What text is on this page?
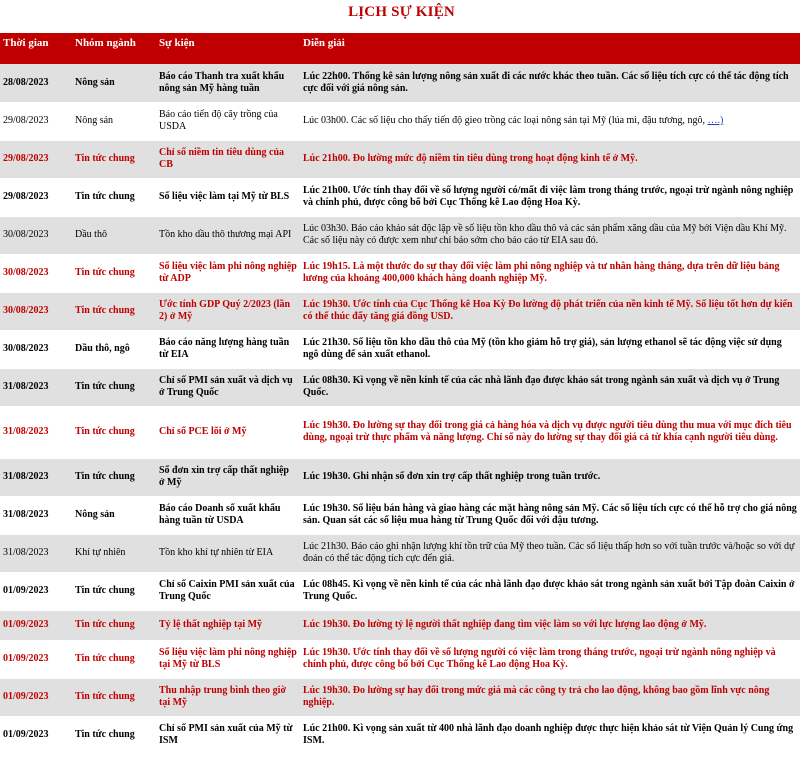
LỊCH SỰ KIỆN
Thời gian	Nhóm ngành	Sự kiện	Diễn giải
28/08/2023	Nông sản	Báo cáo Thanh tra xuất khẩu nông sản Mỹ hàng tuần	Lúc 22h00. Thống kê sản lượng nông sản xuất đi các nước khác theo tuần. Các số liệu tích cực có thể tác động tích cực đối với giá nông sản.
29/08/2023	Nông sản	Báo cáo tiến độ cây trồng của USDA	Lúc 03h00. Các số liệu cho thấy tiến độ gieo trồng các loại nông sản tại Mỹ (lúa mì, đậu tương, ngô, ….)
29/08/2023	Tin tức chung	Chỉ số niềm tin tiêu dùng của CB	Lúc 21h00. Đo lường mức độ niềm tin tiêu dùng trong hoạt động kinh tế ở Mỹ.
29/08/2023	Tin tức chung	Số liệu việc làm tại Mỹ từ BLS	Lúc 21h00. Ước tính thay đổi về số lượng người có/mất đi việc làm trong tháng trước, ngoại trừ ngành nông nghiệp và chính phủ, được công bố bởi Cục Thống kê Lao động Hoa Kỳ.
30/08/2023	Dầu thô	Tồn kho dầu thô thương mại API	Lúc 03h30. Báo cáo khảo sát độc lập về số liệu tồn kho dầu thô và các sản phẩm xăng dầu của Mỹ bởi Viện dầu Khí Mỹ. Các số liệu này có được xem như chỉ báo sớm cho báo cáo từ EIA sau đó.
30/08/2023	Tin tức chung	Số liệu việc làm phi nông nghiệp từ ADP	Lúc 19h15. Là một thước đo sự thay đổi việc làm phi nông nghiệp và tư nhân hàng tháng, dựa trên dữ liệu bảng lương của khoảng 400,000 khách hàng doanh nghiệp Mỹ.
30/08/2023	Tin tức chung	Ước tính GDP Quý 2/2023 (lần 2) ở Mỹ	Lúc 19h30. Ước tính của Cục Thống kê Hoa Kỳ Đo lường độ phát triển của nền kinh tế Mỹ. Số liệu tốt hơn dự kiến có thể thúc đẩy tăng giá đồng USD.
30/08/2023	Dầu thô, ngô	Báo cáo năng lượng hàng tuần từ EIA	Lúc 21h30. Số liệu tồn kho dầu thô của Mỹ (tồn kho giảm hỗ trợ giá), sản lượng ethanol sẽ tác động việc sử dụng ngô dùng để sản xuất ethanol.
31/08/2023	Tin tức chung	Chỉ số PMI sản xuất và dịch vụ ở Trung Quốc	Lúc 08h30. Kì vọng về nền kinh tế của các nhà lãnh đạo được khảo sát trong ngành sản xuất và dịch vụ ở Trung Quốc.
31/08/2023	Tin tức chung	Chỉ số PCE lõi ở Mỹ	Lúc 19h30. Đo lường sự thay đổi trong giá cả hàng hóa và dịch vụ được người tiêu dùng thu mua với mục đích tiêu dùng, ngoại trừ thực phẩm và năng lượng. Chỉ số này đo lường sự thay đổi giá cả từ khía cạnh người tiêu dùng.
31/08/2023	Tin tức chung	Số đơn xin trợ cấp thất nghiệp ở Mỹ	Lúc 19h30. Ghi nhận số đơn xin trợ cấp thất nghiệp trong tuần trước.
31/08/2023	Nông sản	Báo cáo Doanh số xuất khẩu hàng tuần từ USDA	Lúc 19h30. Số liệu bán hàng và giao hàng các mặt hàng nông sản Mỹ. Các số liệu tích cực có thể hỗ trợ cho giá nông sản. Quan sát các số liệu mua hàng từ Trung Quốc đối với đậu tương.
31/08/2023	Khí tự nhiên	Tồn kho khí tự nhiên từ EIA	Lúc 21h30. Báo cáo ghi nhận lượng khí tồn trữ của Mỹ theo tuần. Các số liệu thấp hơn so với tuần trước và/hoặc so với dự đoán có thể tác động tích cực đến giá.
01/09/2023	Tin tức chung	Chỉ số Caixin PMI sản xuất của Trung Quốc	Lúc 08h45. Kì vọng về nền kinh tế của các nhà lãnh đạo được khảo sát trong ngành sản xuất bởi Tập đoàn Caixin ở Trung Quốc.
01/09/2023	Tin tức chung	Tỷ lệ thất nghiệp tại Mỹ	Lúc 19h30. Đo lường tỷ lệ người thất nghiệp đang tìm việc làm so với lực lượng lao động ở Mỹ.
01/09/2023	Tin tức chung	Số liệu việc làm phi nông nghiệp tại Mỹ từ BLS	Lúc 19h30. Ước tính thay đổi về số lượng người có việc làm trong tháng trước, ngoại trừ ngành nông nghiệp và chính phủ, được công bố bởi Cục Thống kê Lao động Hoa Kỳ.
01/09/2023	Tin tức chung	Thu nhập trung bình theo giờ tại Mỹ	Lúc 19h30. Đo lường sự hay đổi trong mức giá mà các công ty trả cho lao động, không bao gồm lĩnh vực nông nghiệp.
01/09/2023	Tin tức chung	Chỉ số PMI sản xuất của Mỹ từ ISM	Lúc 21h00. Kì vọng sản xuất từ 400 nhà lãnh đạo doanh nghiệp được thực hiện khảo sát từ Viện Quản lý Cung ứng ISM.
